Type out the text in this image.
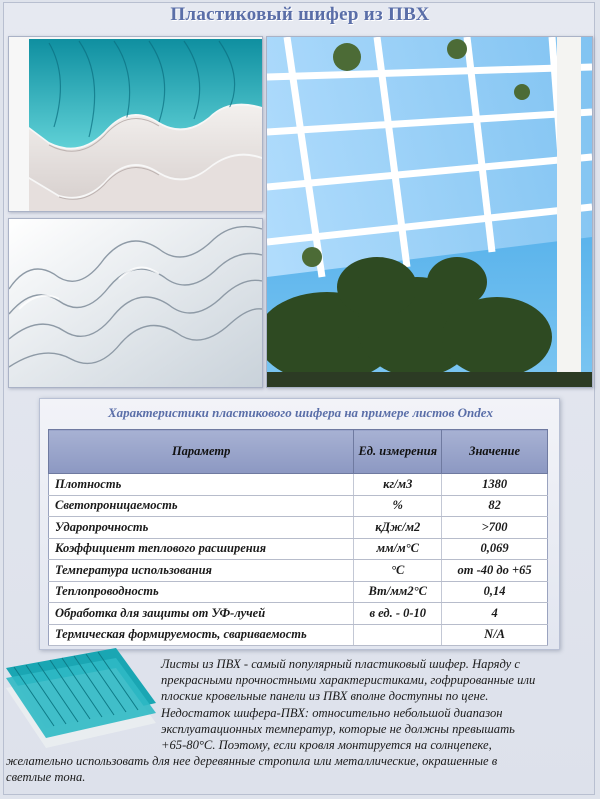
Пластиковый шифер из ПВХ
Характеристики пластикового шифера на примере листов Ondex
Параметр	Ед. измерения	Значение
Плотность	кг/м3	1380
Светопроницаемость	%	82
Ударопрочность	кДж/м2	>700
Коэффициент теплового расширения	мм/м°С	0,069
Температура использования	°С	от -40 до +65
Теплопроводность	Вт/мм2°С	0,14
Обработка для защиты от УФ-лучей	в ед. - 0-10	4
Термическая формируемость, свариваемость		N/A
Листы из ПВХ - самый популярный пластиковый шифер. Наряду с
прекрасными прочностными характеристиками, гофрированные или
плоские кровельные панели из ПВХ вполне доступны по цене.
Недостаток шифера-ПВХ: относительно небольшой диапазон
эксплуатационных температур, которые не должны превышать
+65-80°С. Поэтому, если кровля монтируется на солнцепеке,
желательно использовать для нее деревянные стропила или металлические, окрашенные в
светлые тона.
